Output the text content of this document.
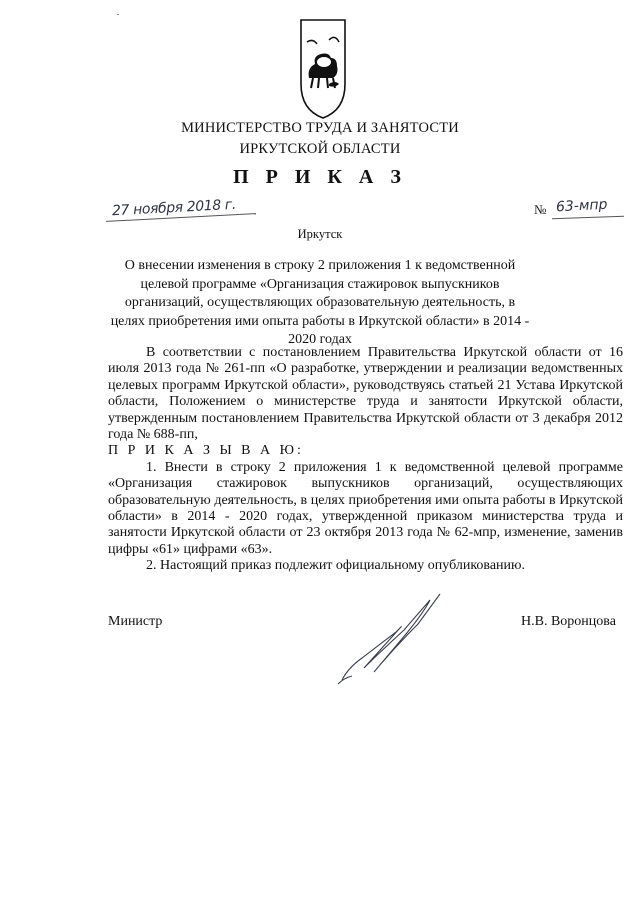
МИНИСТЕРСТВО ТРУДА И ЗАНЯТОСТИ
ИРКУТСКОЙ ОБЛАСТИ
П Р И К А З
27 ноября 2018 г.	№ 63-мпр
Иркутск
О внесении изменения в строку 2 приложения 1 к ведомственной целевой программе «Организация стажировок выпускников организаций, осуществляющих образовательную деятельность, в целях приобретения ими опыта работы в Иркутской области» в 2014 - 2020 годах

В соответствии с постановлением Правительства Иркутской области от 16 июля 2013 года № 261-пп «О разработке, утверждении и реализации ведомственных целевых программ Иркутской области», руководствуясь статьей 21 Устава Иркутской области, Положением о министерстве труда и занятости Иркутской области, утвержденным постановлением Правительства Иркутской области от 3 декабря 2012 года № 688-пп,

П Р И К А З Ы В А Ю:

1. Внести в строку 2 приложения 1 к ведомственной целевой программе «Организация стажировок выпускников организаций, осуществляющих образовательную деятельность, в целях приобретения ими опыта работы в Иркутской области» в 2014 - 2020 годах, утвержденной приказом министерства труда и занятости Иркутской области от 23 октября 2013 года № 62-мпр, изменение, заменив цифры «61» цифрами «63».

2. Настоящий приказ подлежит официальному опубликованию.

Министр	Н.В. Воронцова
